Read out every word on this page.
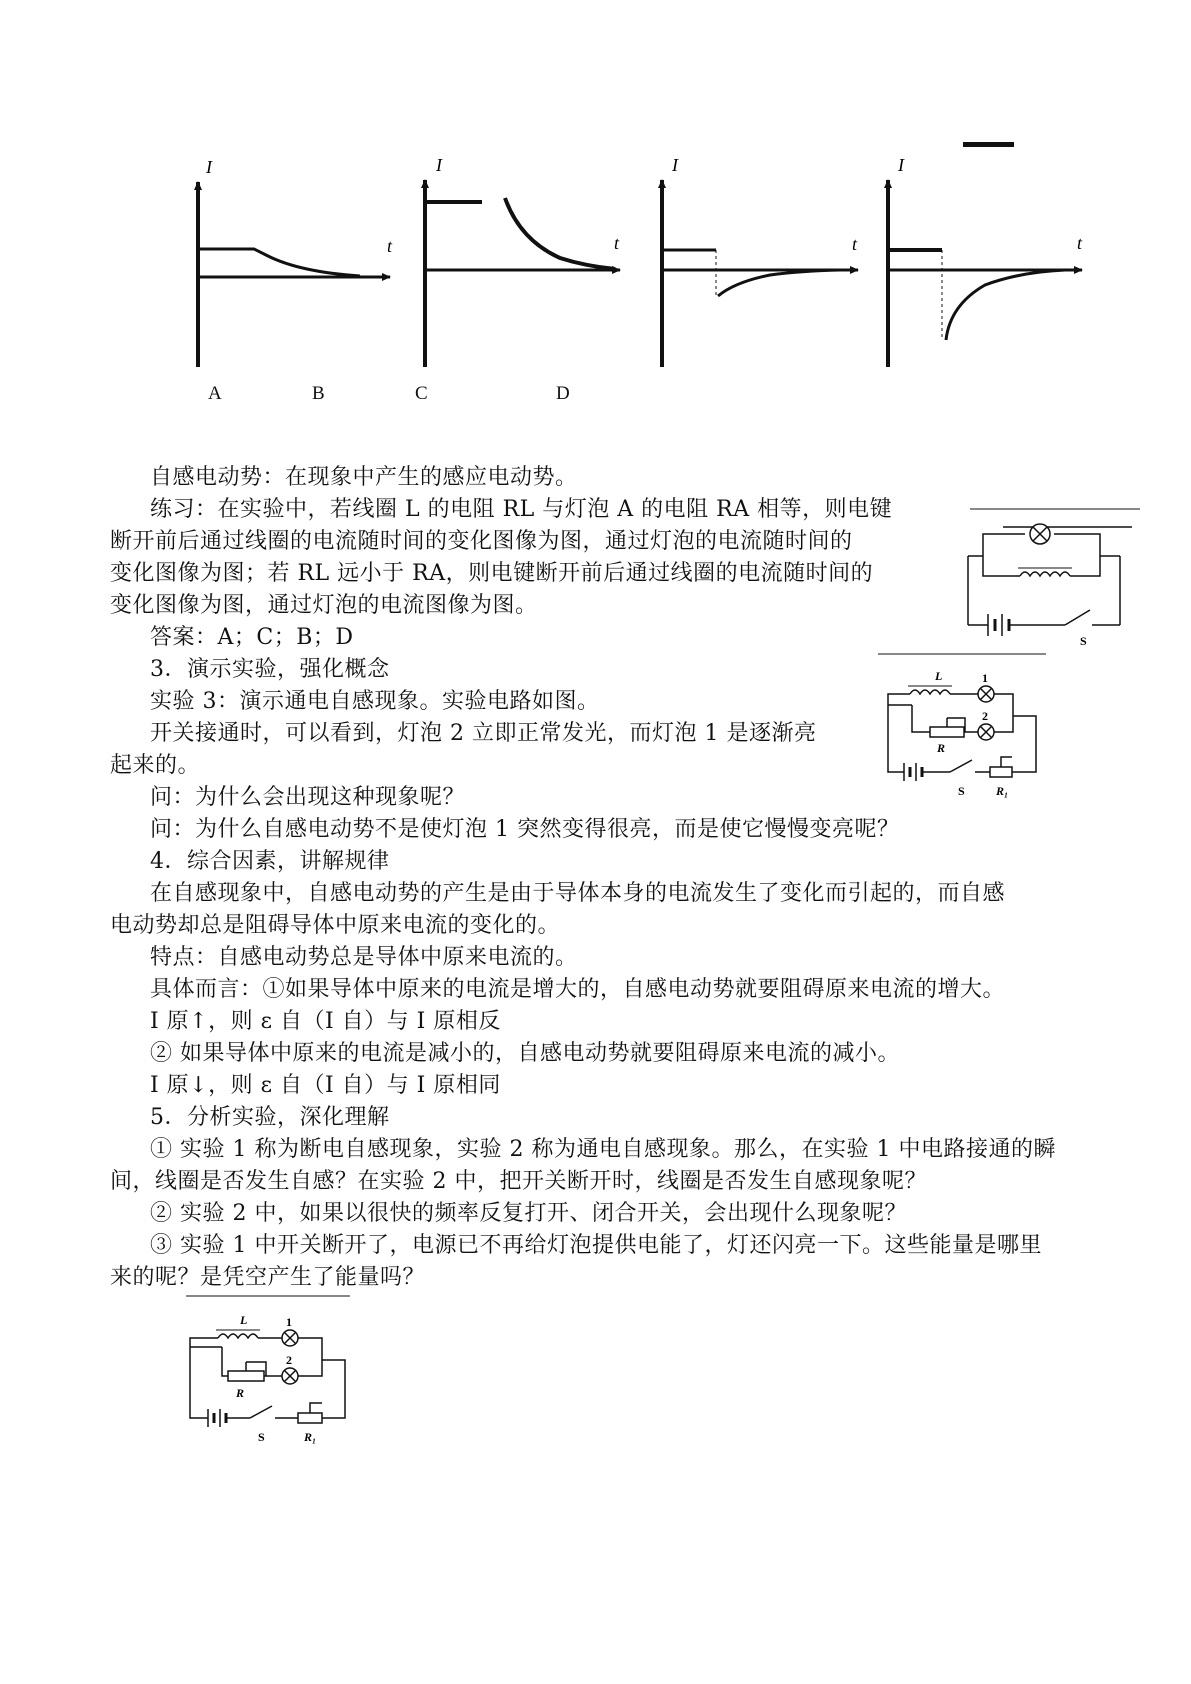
I
t
I
t
I
t
I
t
A	B	C	D
S
L	1
2
R
S	R₁
L	1
2
R
S	R₁
自感电动势：在现象中产生的感应电动势。
练习：在实验中，若线圈 L 的电阻 RL 与灯泡 A 的电阻 RA 相等，则电键
断开前后通过线圈的电流随时间的变化图像为图，通过灯泡的电流随时间的
变化图像为图；若 RL 远小于 RA，则电键断开前后通过线圈的电流随时间的
变化图像为图，通过灯泡的电流图像为图。
答案：A；C；B；D
3．演示实验，强化概念
实验 3：演示通电自感现象。实验电路如图。
开关接通时，可以看到，灯泡 2 立即正常发光，而灯泡 1 是逐渐亮
起来的。
问：为什么会出现这种现象呢？
问：为什么自感电动势不是使灯泡 1 突然变得很亮，而是使它慢慢变亮呢？
4．综合因素，讲解规律
在自感现象中，自感电动势的产生是由于导体本身的电流发生了变化而引起的，而自感
电动势却总是阻碍导体中原来电流的变化的。
特点：自感电动势总是导体中原来电流的。
具体而言：①如果导体中原来的电流是增大的，自感电动势就要阻碍原来电流的增大。
I 原↑，则 ε 自（I 自）与 I 原相反
② 如果导体中原来的电流是减小的，自感电动势就要阻碍原来电流的减小。
I 原↓，则 ε 自（I 自）与 I 原相同
5．分析实验，深化理解
① 实验 1 称为断电自感现象，实验 2 称为通电自感现象。那么，在实验 1 中电路接通的瞬
间，线圈是否发生自感？在实验 2 中，把开关断开时，线圈是否发生自感现象呢？
② 实验 2 中，如果以很快的频率反复打开、闭合开关，会出现什么现象呢？
③ 实验 1 中开关断开了，电源已不再给灯泡提供电能了，灯还闪亮一下。这些能量是哪里
来的呢？是凭空产生了能量吗？
